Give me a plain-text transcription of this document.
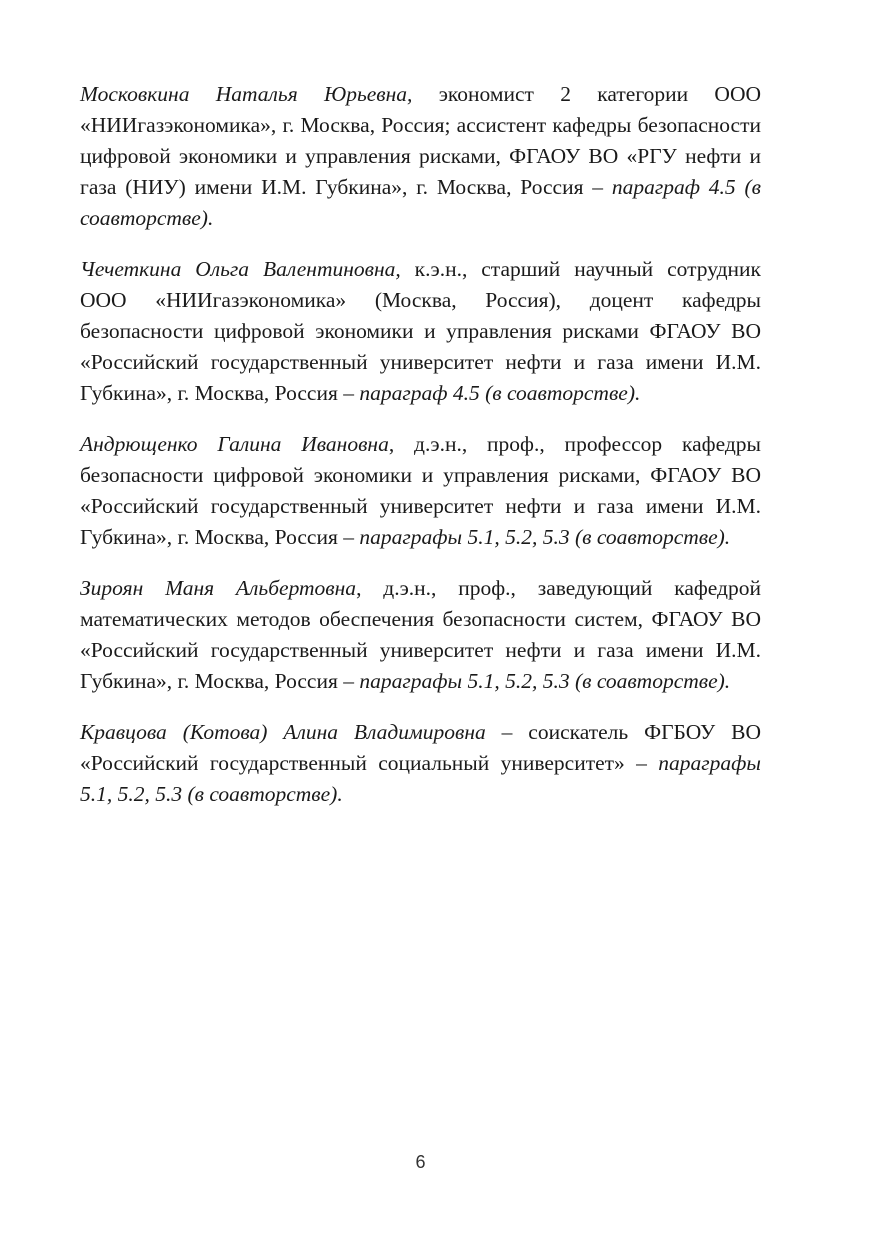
Московкина Наталья Юрьевна, экономист 2 категории ООО «НИИгазэкономика», г. Москва, Россия; ассистент кафедры безопасности цифровой экономики и управления рисками, ФГАОУ ВО «РГУ нефти и газа (НИУ) имени И.М. Губкина», г. Москва, Россия – параграф 4.5 (в соавторстве).

Чечеткина Ольга Валентиновна, к.э.н., старший научный сотрудник ООО «НИИгазэкономика» (Москва, Россия), доцент кафедры безопасности цифровой экономики и управления рисками ФГАОУ ВО «Российский государственный университет нефти и газа имени И.М. Губкина», г. Москва, Россия – параграф 4.5 (в соавторстве).

Андрющенко Галина Ивановна, д.э.н., проф., профессор кафедры безопасности цифровой экономики и управления рисками, ФГАОУ ВО «Российский государственный университет нефти и газа имени И.М. Губкина», г. Москва, Россия – параграфы 5.1, 5.2, 5.3 (в соавторстве).

Зироян Маня Альбертовна, д.э.н., проф., заведующий кафедрой математических методов обеспечения безопасности систем, ФГАОУ ВО «Российский государственный университет нефти и газа имени И.М. Губкина», г. Москва, Россия – параграфы 5.1, 5.2, 5.3 (в соавторстве).

Кравцова (Котова) Алина Владимировна – соискатель ФГБОУ ВО «Российский государственный социальный университет» – параграфы 5.1, 5.2, 5.3 (в соавторстве).

6
